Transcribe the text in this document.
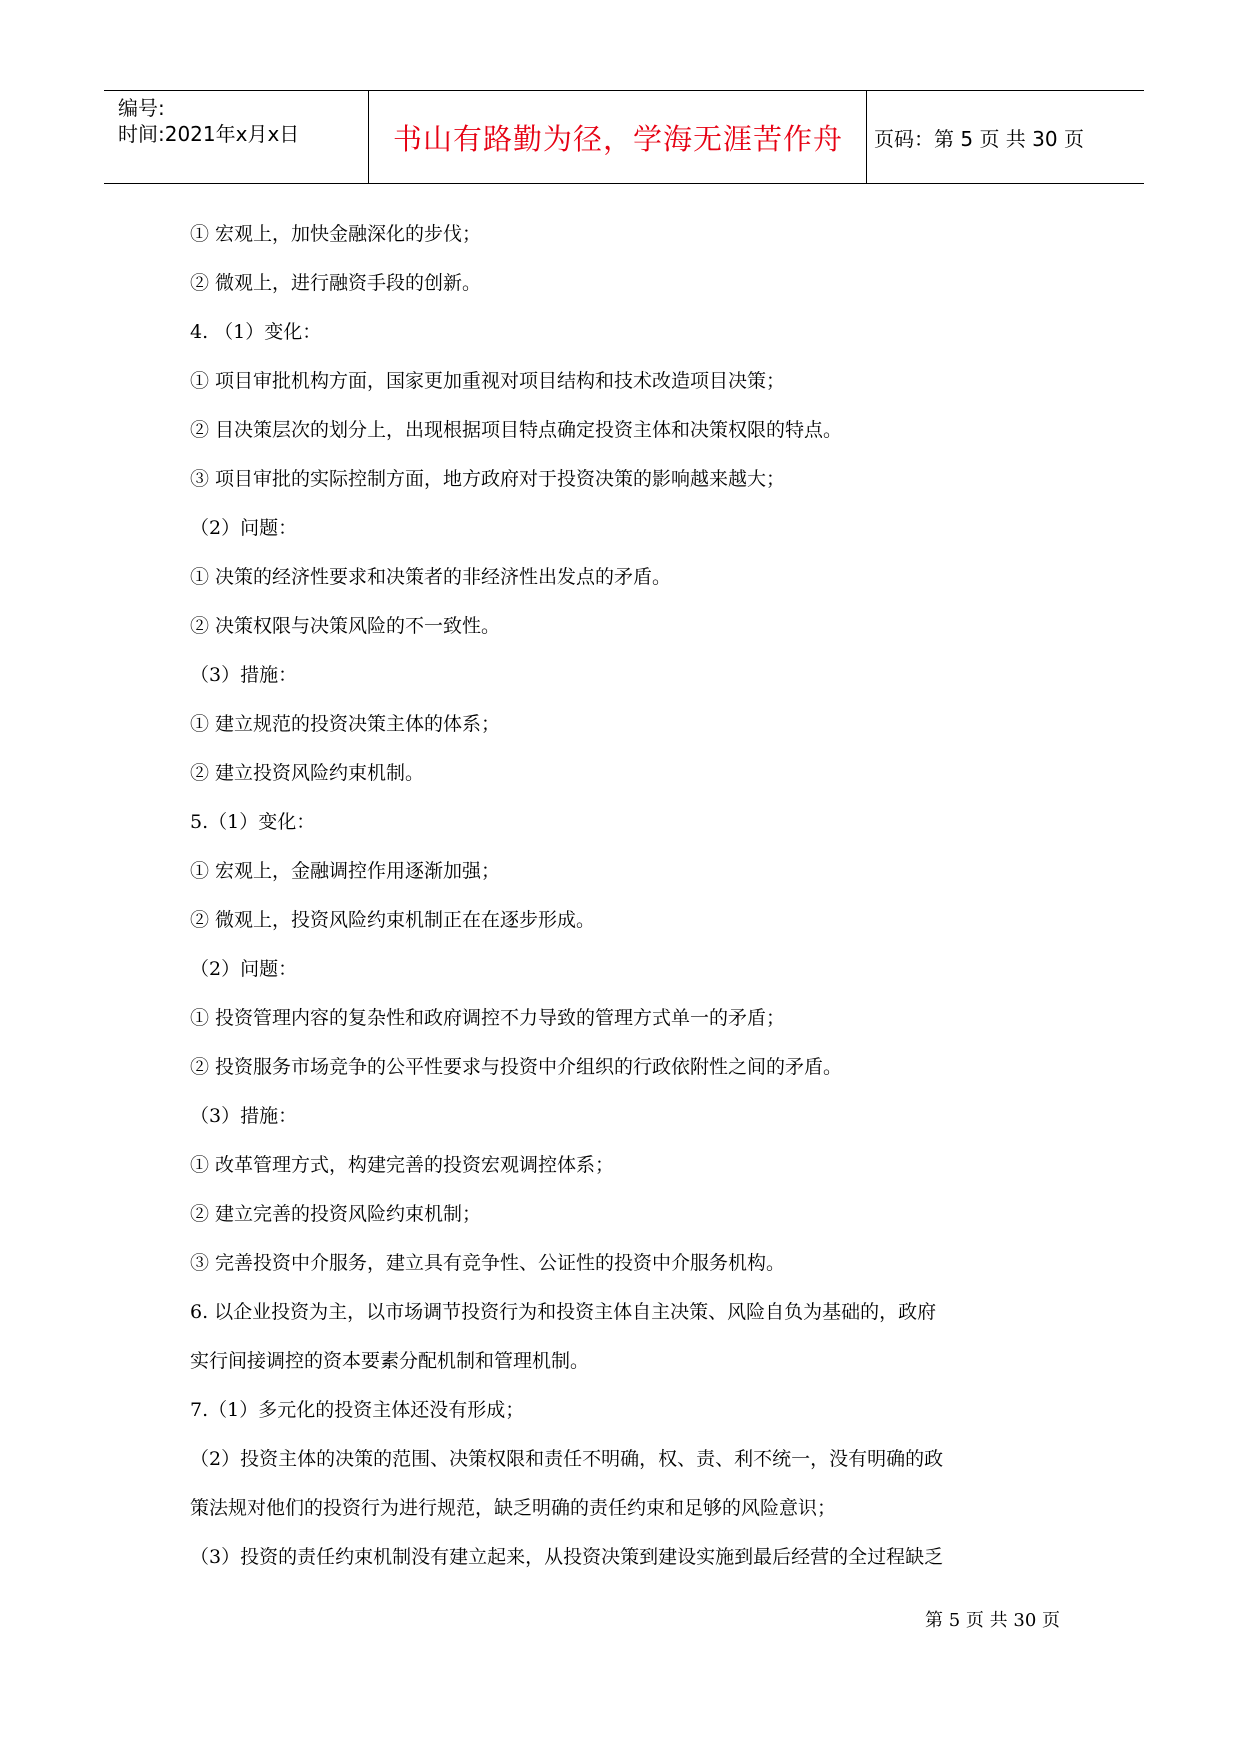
编号:
时间:2021年x月x日	书山有路勤为径，学海无涯苦作舟	页码：第 5 页 共 30 页
① 宏观上，加快金融深化的步伐；
② 微观上，进行融资手段的创新。
4. （1）变化：
① 项目审批机构方面，国家更加重视对项目结构和技术改造项目决策；
② 目决策层次的划分上，出现根据项目特点确定投资主体和决策权限的特点。
③ 项目审批的实际控制方面，地方政府对于投资决策的影响越来越大；
（2）问题：
① 决策的经济性要求和决策者的非经济性出发点的矛盾。
② 决策权限与决策风险的不一致性。
（3）措施：
① 建立规范的投资决策主体的体系；
② 建立投资风险约束机制。
5.（1）变化：
① 宏观上，金融调控作用逐渐加强；
② 微观上，投资风险约束机制正在在逐步形成。
（2）问题：
① 投资管理内容的复杂性和政府调控不力导致的管理方式单一的矛盾；
② 投资服务市场竞争的公平性要求与投资中介组织的行政依附性之间的矛盾。
（3）措施：
① 改革管理方式，构建完善的投资宏观调控体系；
② 建立完善的投资风险约束机制；
③ 完善投资中介服务，建立具有竞争性、公证性的投资中介服务机构。
6. 以企业投资为主，以市场调节投资行为和投资主体自主决策、风险自负为基础的，政府
实行间接调控的资本要素分配机制和管理机制。
7.（1）多元化的投资主体还没有形成；
（2）投资主体的决策的范围、决策权限和责任不明确，权、责、利不统一，没有明确的政
策法规对他们的投资行为进行规范，缺乏明确的责任约束和足够的风险意识；
（3）投资的责任约束机制没有建立起来，从投资决策到建设实施到最后经营的全过程缺乏
第 5 页 共 30 页
